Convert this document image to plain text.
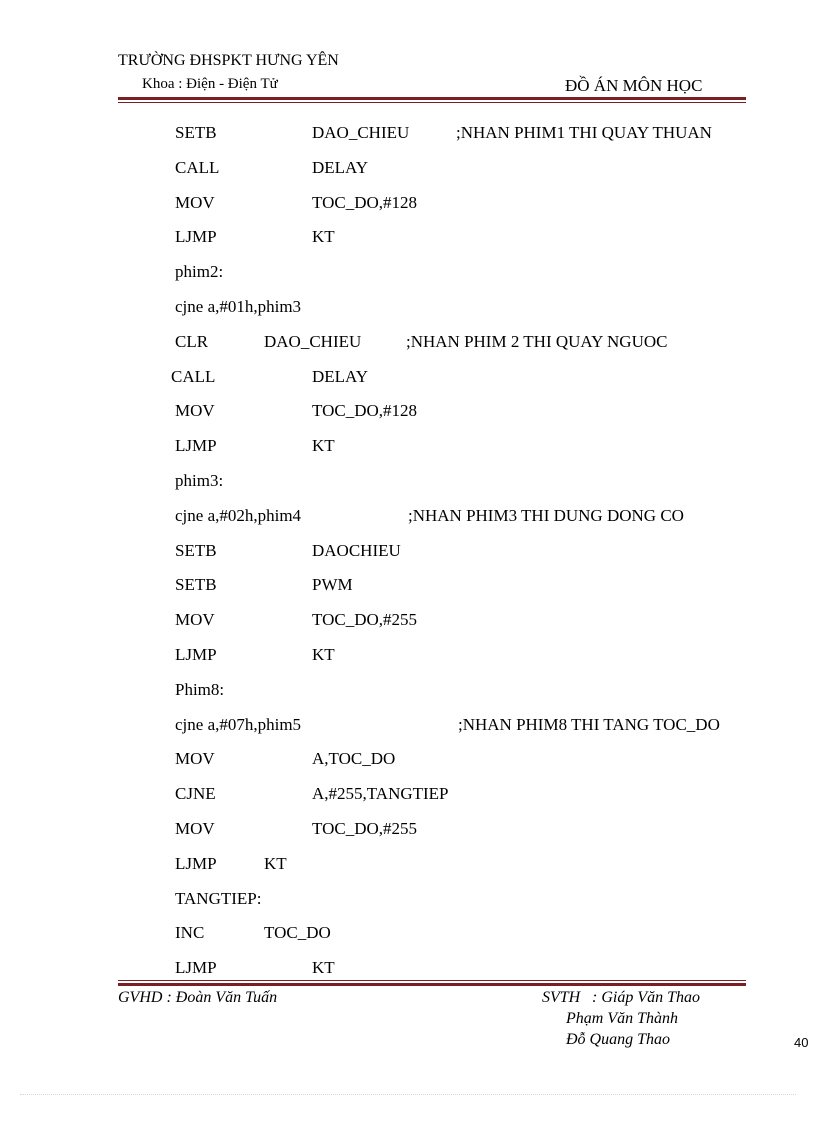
TRƯỜNG ĐHSPKT HƯNG YÊN
Khoa : Điện - Điện Tử	ĐỒ ÁN MÔN HỌC
SETB	DAO_CHIEU	;NHAN PHIM1 THI QUAY THUAN
CALL	DELAY
MOV	TOC_DO,#128
LJMP	KT
phim2:
cjne a,#01h,phim3
CLR	DAO_CHIEU	;NHAN PHIM 2 THI QUAY NGUOC
CALL	DELAY
MOV	TOC_DO,#128
LJMP	KT
phim3:
cjne a,#02h,phim4	;NHAN PHIM3 THI DUNG DONG CO
SETB	DAOCHIEU
SETB	PWM
MOV	TOC_DO,#255
LJMP	KT
Phim8:
cjne a,#07h,phim5	;NHAN PHIM8 THI TANG TOC_DO
MOV	A,TOC_DO
CJNE	A,#255,TANGTIEP
MOV	TOC_DO,#255
LJMP	KT
TANGTIEP:
INC	TOC_DO
LJMP	KT
GVHD : Đoàn Văn Tuấn	SVTH : Giáp Văn Thao
Phạm Văn Thành
Đỗ Quang Thao	40
